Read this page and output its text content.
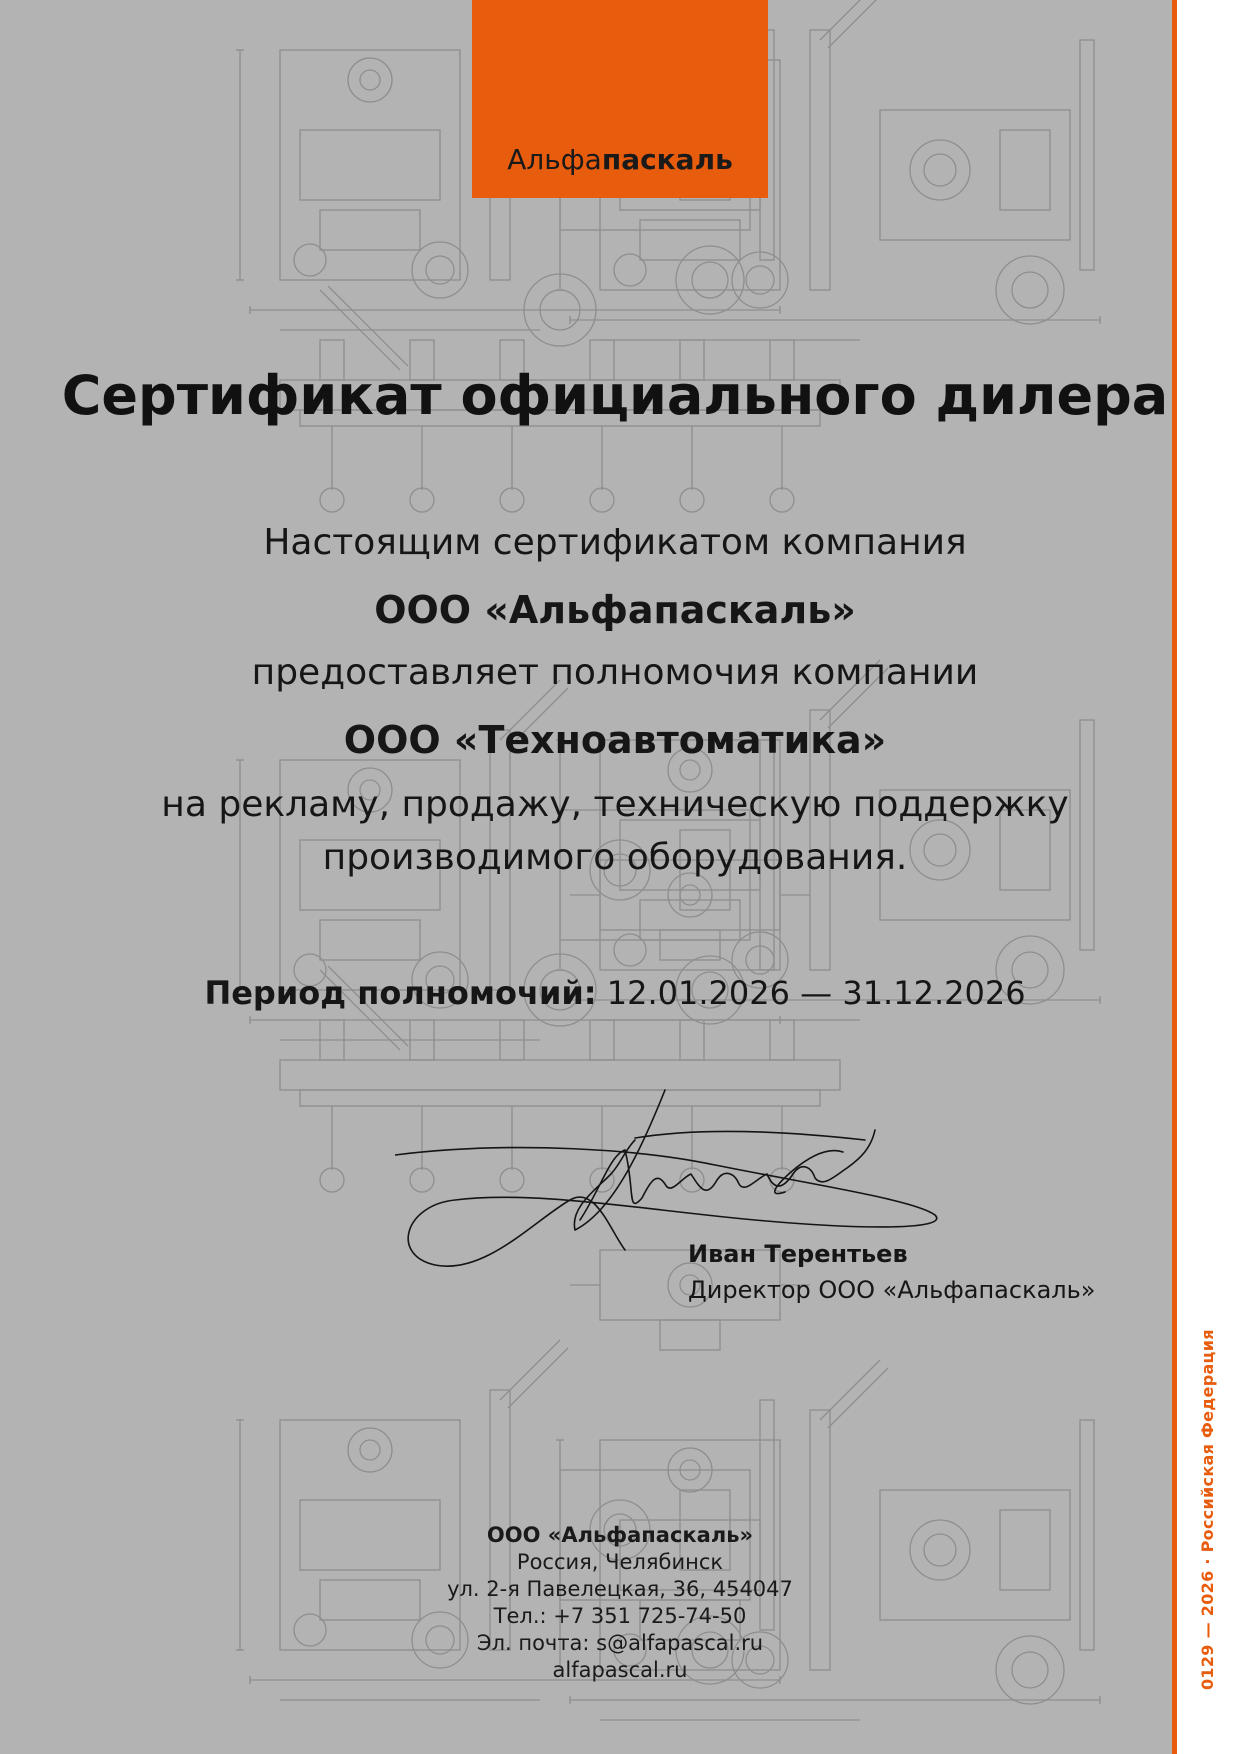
Альфапаскаль
Сертификат официального дилера
Настоящим сертификатом компания
ООО «Альфапаскаль»
предоставляет полномочия компании
ООО «Техноавтоматика»
на рекламу, продажу, техническую поддержку
производимого оборудования.
Период полномочий: 12.01.2026 — 31.12.2026
Иван Терентьев
Директор ООО «Альфапаскаль»
ООО «Альфапаскаль»
Россия, Челябинск
ул. 2-я Павелецкая, 36, 454047
Тел.: +7 351 725-74-50
Эл. почта: s@alfapascal.ru
alfapascal.ru	0129 — 2026 · Российская Федерация
